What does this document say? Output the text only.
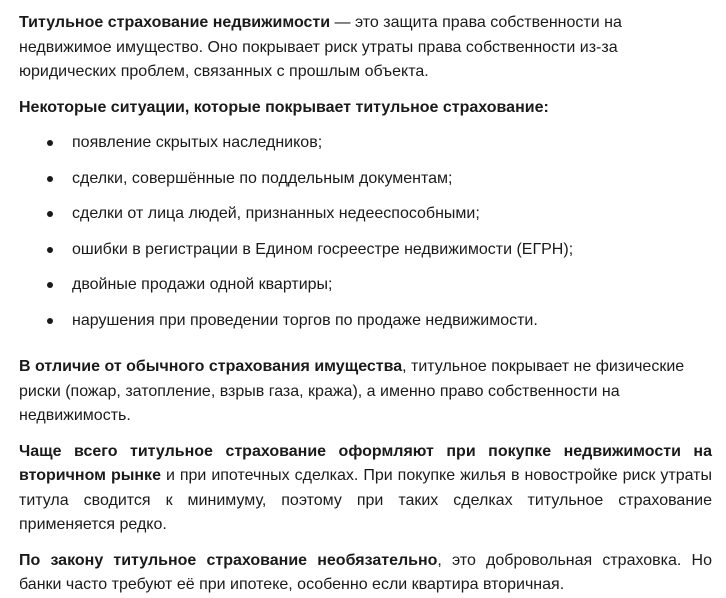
Титульное страхование недвижимости — это защита права собственности на недвижимое имущество. Оно покрывает риск утраты права собственности из-за юридических проблем, связанных с прошлым объекта.

Некоторые ситуации, которые покрывает титульное страхование:

появление скрытых наследников;
сделки, совершённые по поддельным документам;
сделки от лица людей, признанных недееспособными;
ошибки в регистрации в Едином госреестре недвижимости (ЕГРН);
двойные продажи одной квартиры;
нарушения при проведении торгов по продаже недвижимости.

В отличие от обычного страхования имущества, титульное покрывает не физические риски (пожар, затопление, взрыв газа, кража), а именно право собственности на недвижимость.

Чаще всего титульное страхование оформляют при покупке недвижимости на вторичном рынке и при ипотечных сделках. При покупке жилья в новостройке риск утраты титула сводится к минимуму, поэтому при таких сделках титульное страхование применяется редко.

По закону титульное страхование необязательно, это добровольная страховка. Но банки часто требуют её при ипотеке, особенно если квартира вторичная.
